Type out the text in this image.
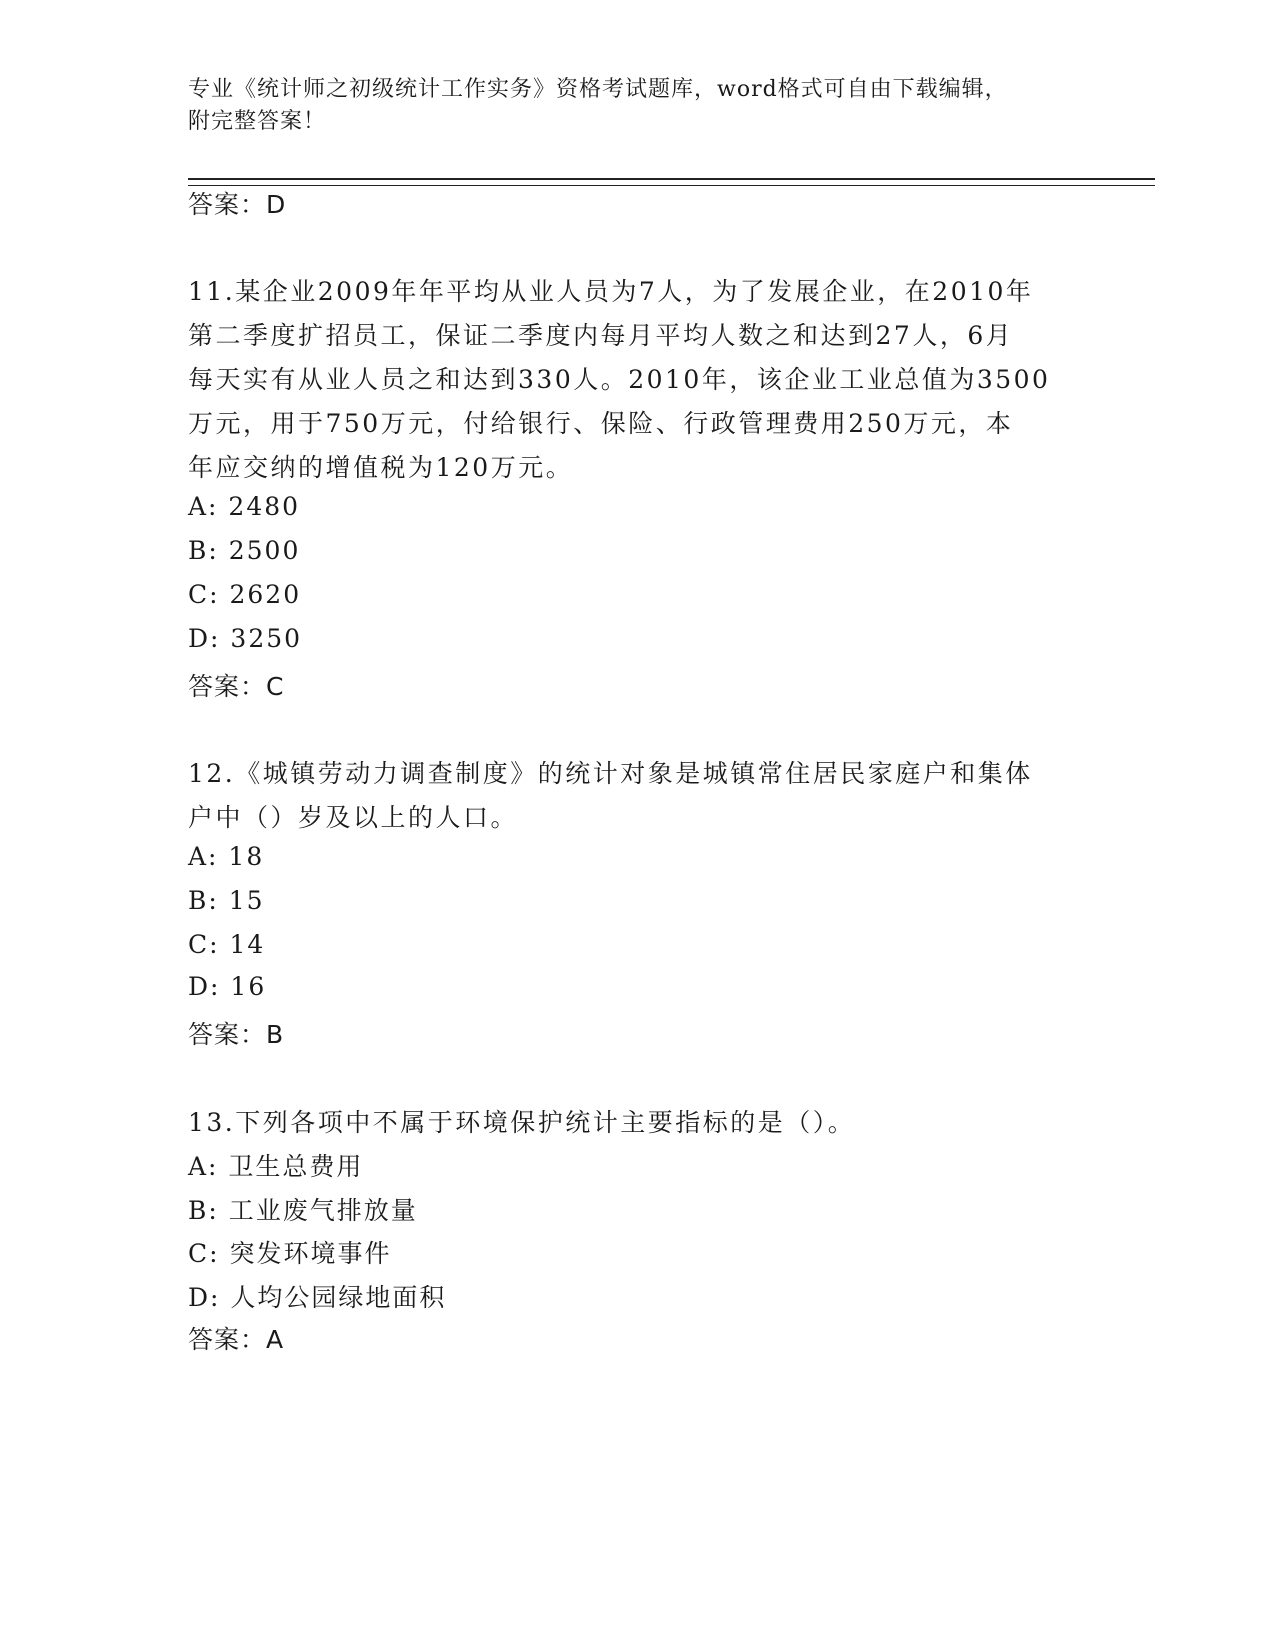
专业《统计师之初级统计工作实务》资格考试题库，word格式可自由下载编辑，
附完整答案！
答案：D
11.某企业2009年年平均从业人员为7人，为了发展企业，在2010年
第二季度扩招员工，保证二季度内每月平均人数之和达到27人，6月
每天实有从业人员之和达到330人。2010年，该企业工业总值为3500
万元，用于750万元，付给银行、保险、行政管理费用250万元，本
年应交纳的增值税为120万元。
A: 2480
B: 2500
C: 2620
D: 3250
答案：C
12.《城镇劳动力调查制度》的统计对象是城镇常住居民家庭户和集体
户中（）岁及以上的人口。
A: 18
B: 15
C: 14
D: 16
答案：B
13.下列各项中不属于环境保护统计主要指标的是（）。
A: 卫生总费用
B: 工业废气排放量
C: 突发环境事件
D: 人均公园绿地面积
答案：A
